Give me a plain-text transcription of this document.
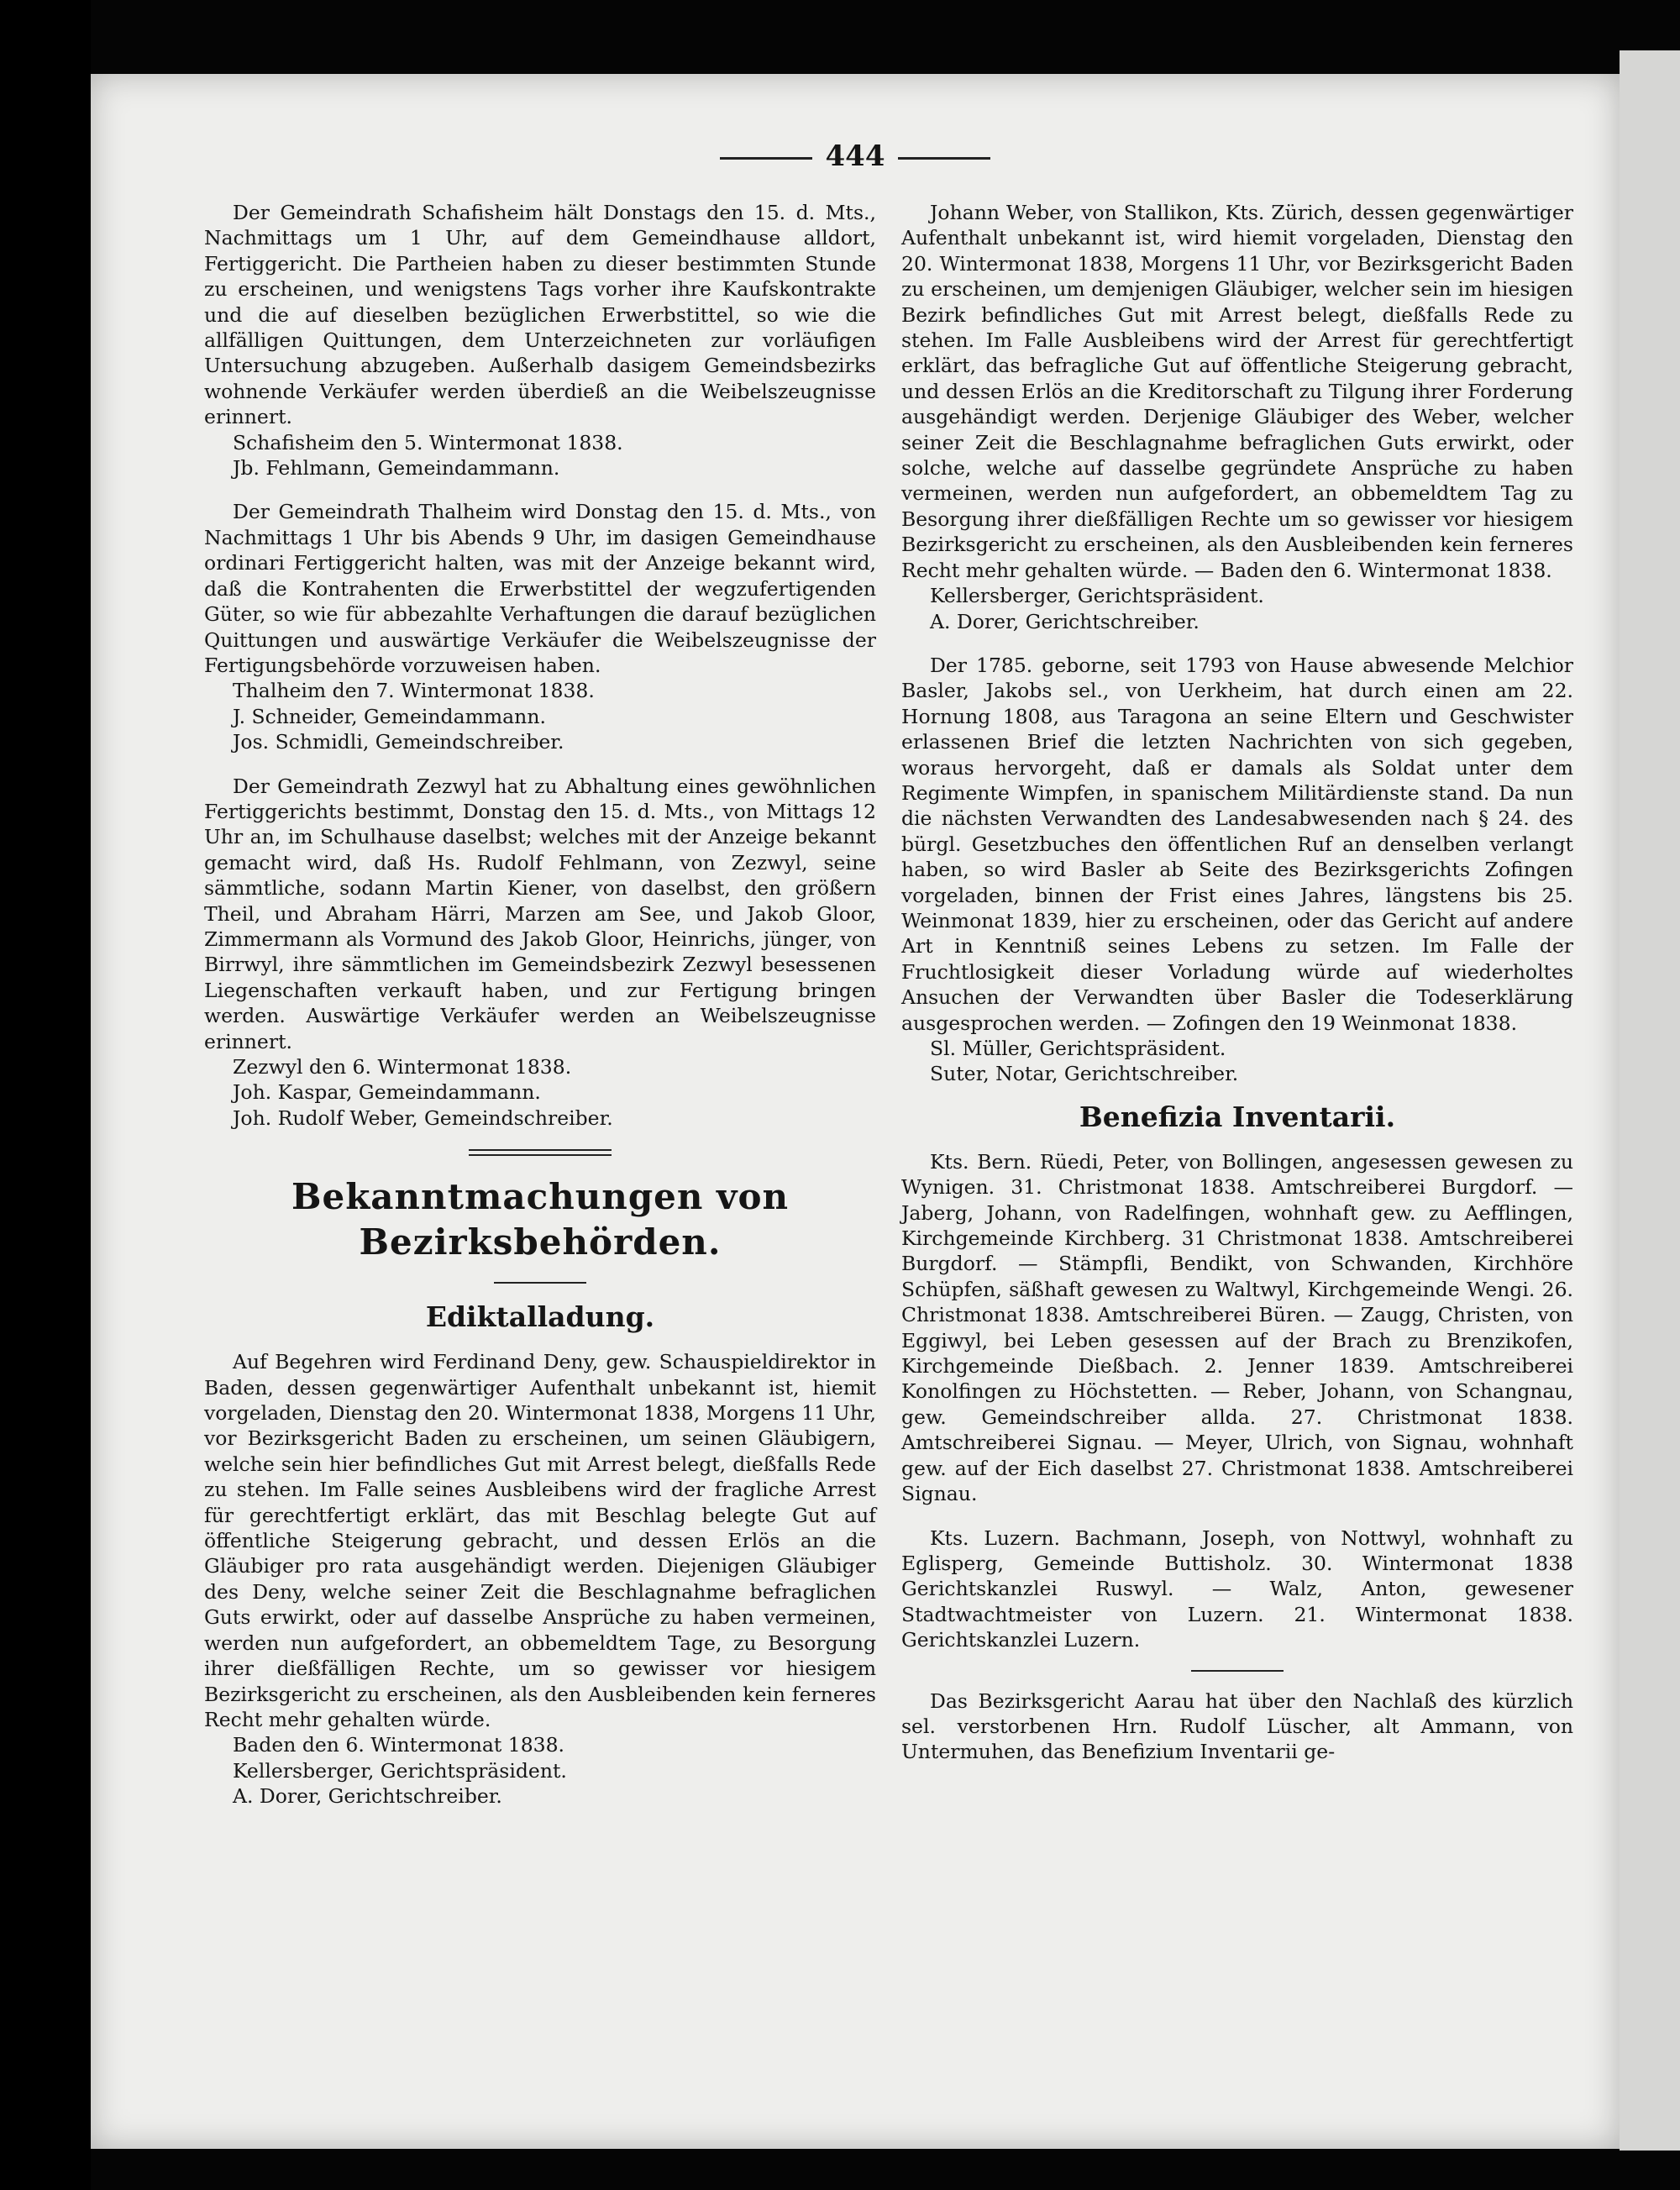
444

Der Gemeindrath Schafisheim hält Donstags den 15. d. Mts., Nachmittags um 1 Uhr, auf dem Gemeindhause alldort, Fertiggericht. Die Partheien haben zu dieser bestimmten Stunde zu erscheinen, und wenigstens Tags vorher ihre Kaufskontrakte und die auf dieselben bezüglichen Erwerbstittel, so wie die allfälligen Quittungen, dem Unterzeichneten zur vorläufigen Untersuchung abzugeben. Außerhalb dasigem Gemeindsbezirks wohnende Verkäufer werden überdieß an die Weibelszeugnisse erinnert.

Schafisheim den 5. Wintermonat 1838.

Jb. Fehlmann, Gemeindammann.

Der Gemeindrath Thalheim wird Donstag den 15. d. Mts., von Nachmittags 1 Uhr bis Abends 9 Uhr, im dasigen Gemeindhause ordinari Fertiggericht halten, was mit der Anzeige bekannt wird, daß die Kontrahenten die Erwerbstittel der wegzufertigenden Güter, so wie für abbezahlte Verhaftungen die darauf bezüglichen Quittungen und auswärtige Verkäufer die Weibelszeugnisse der Fertigungsbehörde vorzuweisen haben.

Thalheim den 7. Wintermonat 1838.

J. Schneider, Gemeindammann.

Jos. Schmidli, Gemeindschreiber.

Der Gemeindrath Zezwyl hat zu Abhaltung eines gewöhnlichen Fertiggerichts bestimmt, Donstag den 15. d. Mts., von Mittags 12 Uhr an, im Schulhause daselbst; welches mit der Anzeige bekannt gemacht wird, daß Hs. Rudolf Fehlmann, von Zezwyl, seine sämmtliche, sodann Martin Kiener, von daselbst, den größern Theil, und Abraham Härri, Marzen am See, und Jakob Gloor, Zimmermann als Vormund des Jakob Gloor, Heinrichs, jünger, von Birrwyl, ihre sämmtlichen im Gemeindsbezirk Zezwyl besessenen Liegenschaften verkauft haben, und zur Fertigung bringen werden. Auswärtige Verkäufer werden an Weibelszeugnisse erinnert.

Zezwyl den 6. Wintermonat 1838.

Joh. Kaspar, Gemeindammann.

Joh. Rudolf Weber, Gemeindschreiber.

Bekanntmachungen von Bezirksbehörden.
Ediktalladung.

Auf Begehren wird Ferdinand Deny, gew. Schauspieldirektor in Baden, dessen gegenwärtiger Aufenthalt unbekannt ist, hiemit vorgeladen, Dienstag den 20. Wintermonat 1838, Morgens 11 Uhr, vor Bezirksgericht Baden zu erscheinen, um seinen Gläubigern, welche sein hier befindliches Gut mit Arrest belegt, dießfalls Rede zu stehen. Im Falle seines Ausbleibens wird der fragliche Arrest für gerechtfertigt erklärt, das mit Beschlag belegte Gut auf öffentliche Steigerung gebracht, und dessen Erlös an die Gläubiger pro rata ausgehändigt werden. Diejenigen Gläubiger des Deny, welche seiner Zeit die Beschlagnahme befraglichen Guts erwirkt, oder auf dasselbe Ansprüche zu haben vermeinen, werden nun aufgefordert, an obbemeldtem Tage, zu Besorgung ihrer dießfälligen Rechte, um so gewisser vor hiesigem Bezirksgericht zu erscheinen, als den Ausbleibenden kein ferneres Recht mehr gehalten würde.

Baden den 6. Wintermonat 1838.

Kellersberger, Gerichtspräsident.

A. Dorer, Gerichtschreiber.

Johann Weber, von Stallikon, Kts. Zürich, dessen gegenwärtiger Aufenthalt unbekannt ist, wird hiemit vorgeladen, Dienstag den 20. Wintermonat 1838, Morgens 11 Uhr, vor Bezirksgericht Baden zu erscheinen, um demjenigen Gläubiger, welcher sein im hiesigen Bezirk befindliches Gut mit Arrest belegt, dießfalls Rede zu stehen. Im Falle Ausbleibens wird der Arrest für gerechtfertigt erklärt, das befragliche Gut auf öffentliche Steigerung gebracht, und dessen Erlös an die Kreditorschaft zu Tilgung ihrer Forderung ausgehändigt werden. Derjenige Gläubiger des Weber, welcher seiner Zeit die Beschlagnahme befraglichen Guts erwirkt, oder solche, welche auf dasselbe gegründete Ansprüche zu haben vermeinen, werden nun aufgefordert, an obbemeldtem Tag zu Besorgung ihrer dießfälligen Rechte um so gewisser vor hiesigem Bezirksgericht zu erscheinen, als den Ausbleibenden kein ferneres Recht mehr gehalten würde. — Baden den 6. Wintermonat 1838.

Kellersberger, Gerichtspräsident.

A. Dorer, Gerichtschreiber.

Der 1785. geborne, seit 1793 von Hause abwesende Melchior Basler, Jakobs sel., von Uerkheim, hat durch einen am 22. Hornung 1808, aus Taragona an seine Eltern und Geschwister erlassenen Brief die letzten Nachrichten von sich gegeben, woraus hervorgeht, daß er damals als Soldat unter dem Regimente Wimpfen, in spanischem Militärdienste stand. Da nun die nächsten Verwandten des Landesabwesenden nach § 24. des bürgl. Gesetzbuches den öffentlichen Ruf an denselben verlangt haben, so wird Basler ab Seite des Bezirksgerichts Zofingen vorgeladen, binnen der Frist eines Jahres, längstens bis 25. Weinmonat 1839, hier zu erscheinen, oder das Gericht auf andere Art in Kenntniß seines Lebens zu setzen. Im Falle der Fruchtlosigkeit dieser Vorladung würde auf wiederholtes Ansuchen der Verwandten über Basler die Todeserklärung ausgesprochen werden. — Zofingen den 19 Weinmonat 1838.

Sl. Müller, Gerichtspräsident.

Suter, Notar, Gerichtschreiber.

Benefizia Inventarii.

Kts. Bern. Rüedi, Peter, von Bollingen, angesessen gewesen zu Wynigen. 31. Christmonat 1838. Amtschreiberei Burgdorf. — Jaberg, Johann, von Radelfingen, wohnhaft gew. zu Aefflingen, Kirchgemeinde Kirchberg. 31 Christmonat 1838. Amtschreiberei Burgdorf. — Stämpfli, Bendikt, von Schwanden, Kirchhöre Schüpfen, säßhaft gewesen zu Waltwyl, Kirchgemeinde Wengi. 26. Christmonat 1838. Amtschreiberei Büren. — Zaugg, Christen, von Eggiwyl, bei Leben gesessen auf der Brach zu Brenzikofen, Kirchgemeinde Dießbach. 2. Jenner 1839. Amtschreiberei Konolfingen zu Höchstetten. — Reber, Johann, von Schangnau, gew. Gemeindschreiber allda. 27. Christmonat 1838. Amtschreiberei Signau. — Meyer, Ulrich, von Signau, wohnhaft gew. auf der Eich daselbst 27. Christmonat 1838. Amtschreiberei Signau.

Kts. Luzern. Bachmann, Joseph, von Nottwyl, wohnhaft zu Eglisperg, Gemeinde Buttisholz. 30. Wintermonat 1838 Gerichtskanzlei Ruswyl. — Walz, Anton, gewesener Stadtwachtmeister von Luzern. 21. Wintermonat 1838. Gerichtskanzlei Luzern.

Das Bezirksgericht Aarau hat über den Nachlaß des kürzlich sel. verstorbenen Hrn. Rudolf Lüscher, alt Ammann, von Untermuhen, das Benefizium Inventarii ge-
